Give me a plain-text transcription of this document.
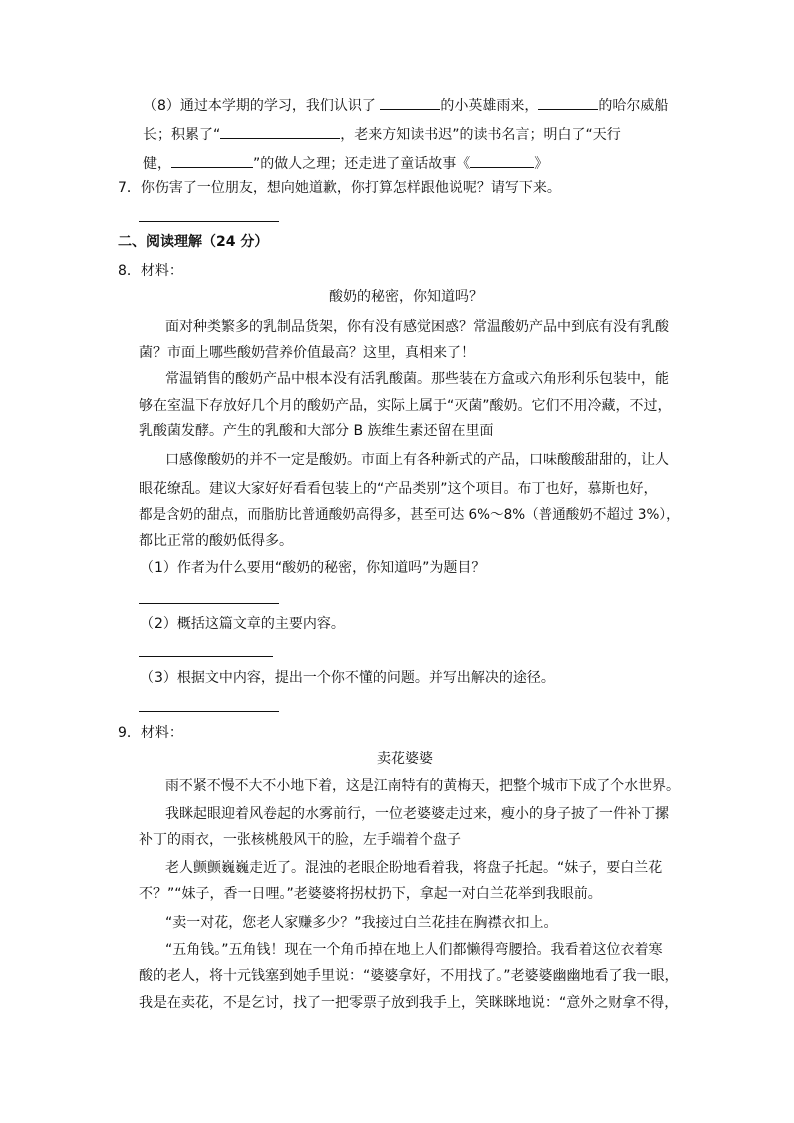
（8）通过本学期的学习，我们认识了	的小英雄雨来，	的哈尔威船
长；积累了“	，老来方知读书迟”的读书名言；明白了“天行
健，	”的做人之理；还走进了童话故事《	》
7．你伤害了一位朋友，想向她道歉，你打算怎样跟他说呢？请写下来。
二、阅读理解（24 分）
8．材料：
酸奶的秘密，你知道吗？
面对种类繁多的乳制品货架，你有没有感觉困惑？常温酸奶产品中到底有没有乳酸
菌？市面上哪些酸奶营养价值最高？这里，真相来了！
常温销售的酸奶产品中根本没有活乳酸菌。那些装在方盒或六角形利乐包装中，能
够在室温下存放好几个月的酸奶产品，实际上属于“灭菌”酸奶。它们不用冷藏，不过，
乳酸菌发酵。产生的乳酸和大部分 B 族维生素还留在里面
口感像酸奶的并不一定是酸奶。市面上有各种新式的产品，口味酸酸甜甜的，让人
眼花缭乱。建议大家好好看看包装上的“产品类别”这个项目。布丁也好，慕斯也好，
都是含奶的甜点，而脂肪比普通酸奶高得多，甚至可达 6%～8%（普通酸奶不超过 3%），
都比正常的酸奶低得多。
（1）作者为什么要用“酸奶的秘密，你知道吗”为题目？
（2）概括这篇文章的主要内容。
（3）根据文中内容，提出一个你不懂的问题。并写出解决的途径。
9．材料：
卖花婆婆
雨不紧不慢不大不小地下着，这是江南特有的黄梅天，把整个城市下成了个水世界。
我眯起眼迎着风卷起的水雾前行，一位老婆婆走过来，瘦小的身子披了一件补丁摞
补丁的雨衣，一张核桃般风干的脸，左手端着个盘子
老人颤颤巍巍走近了。混浊的老眼企盼地看着我，将盘子托起。“妹子，要白兰花
不？”“妹子，香一日哩。”老婆婆将拐杖扔下，拿起一对白兰花举到我眼前。
“卖一对花，您老人家赚多少？”我接过白兰花挂在胸襟衣扣上。
“五角钱。”五角钱！现在一个角币掉在地上人们都懒得弯腰拾。我看着这位衣着寒
酸的老人，将十元钱塞到她手里说：“婆婆拿好，不用找了。”老婆婆幽幽地看了我一眼，
我是在卖花，不是乞讨，找了一把零票子放到我手上，笑眯眯地说：“意外之财拿不得，
